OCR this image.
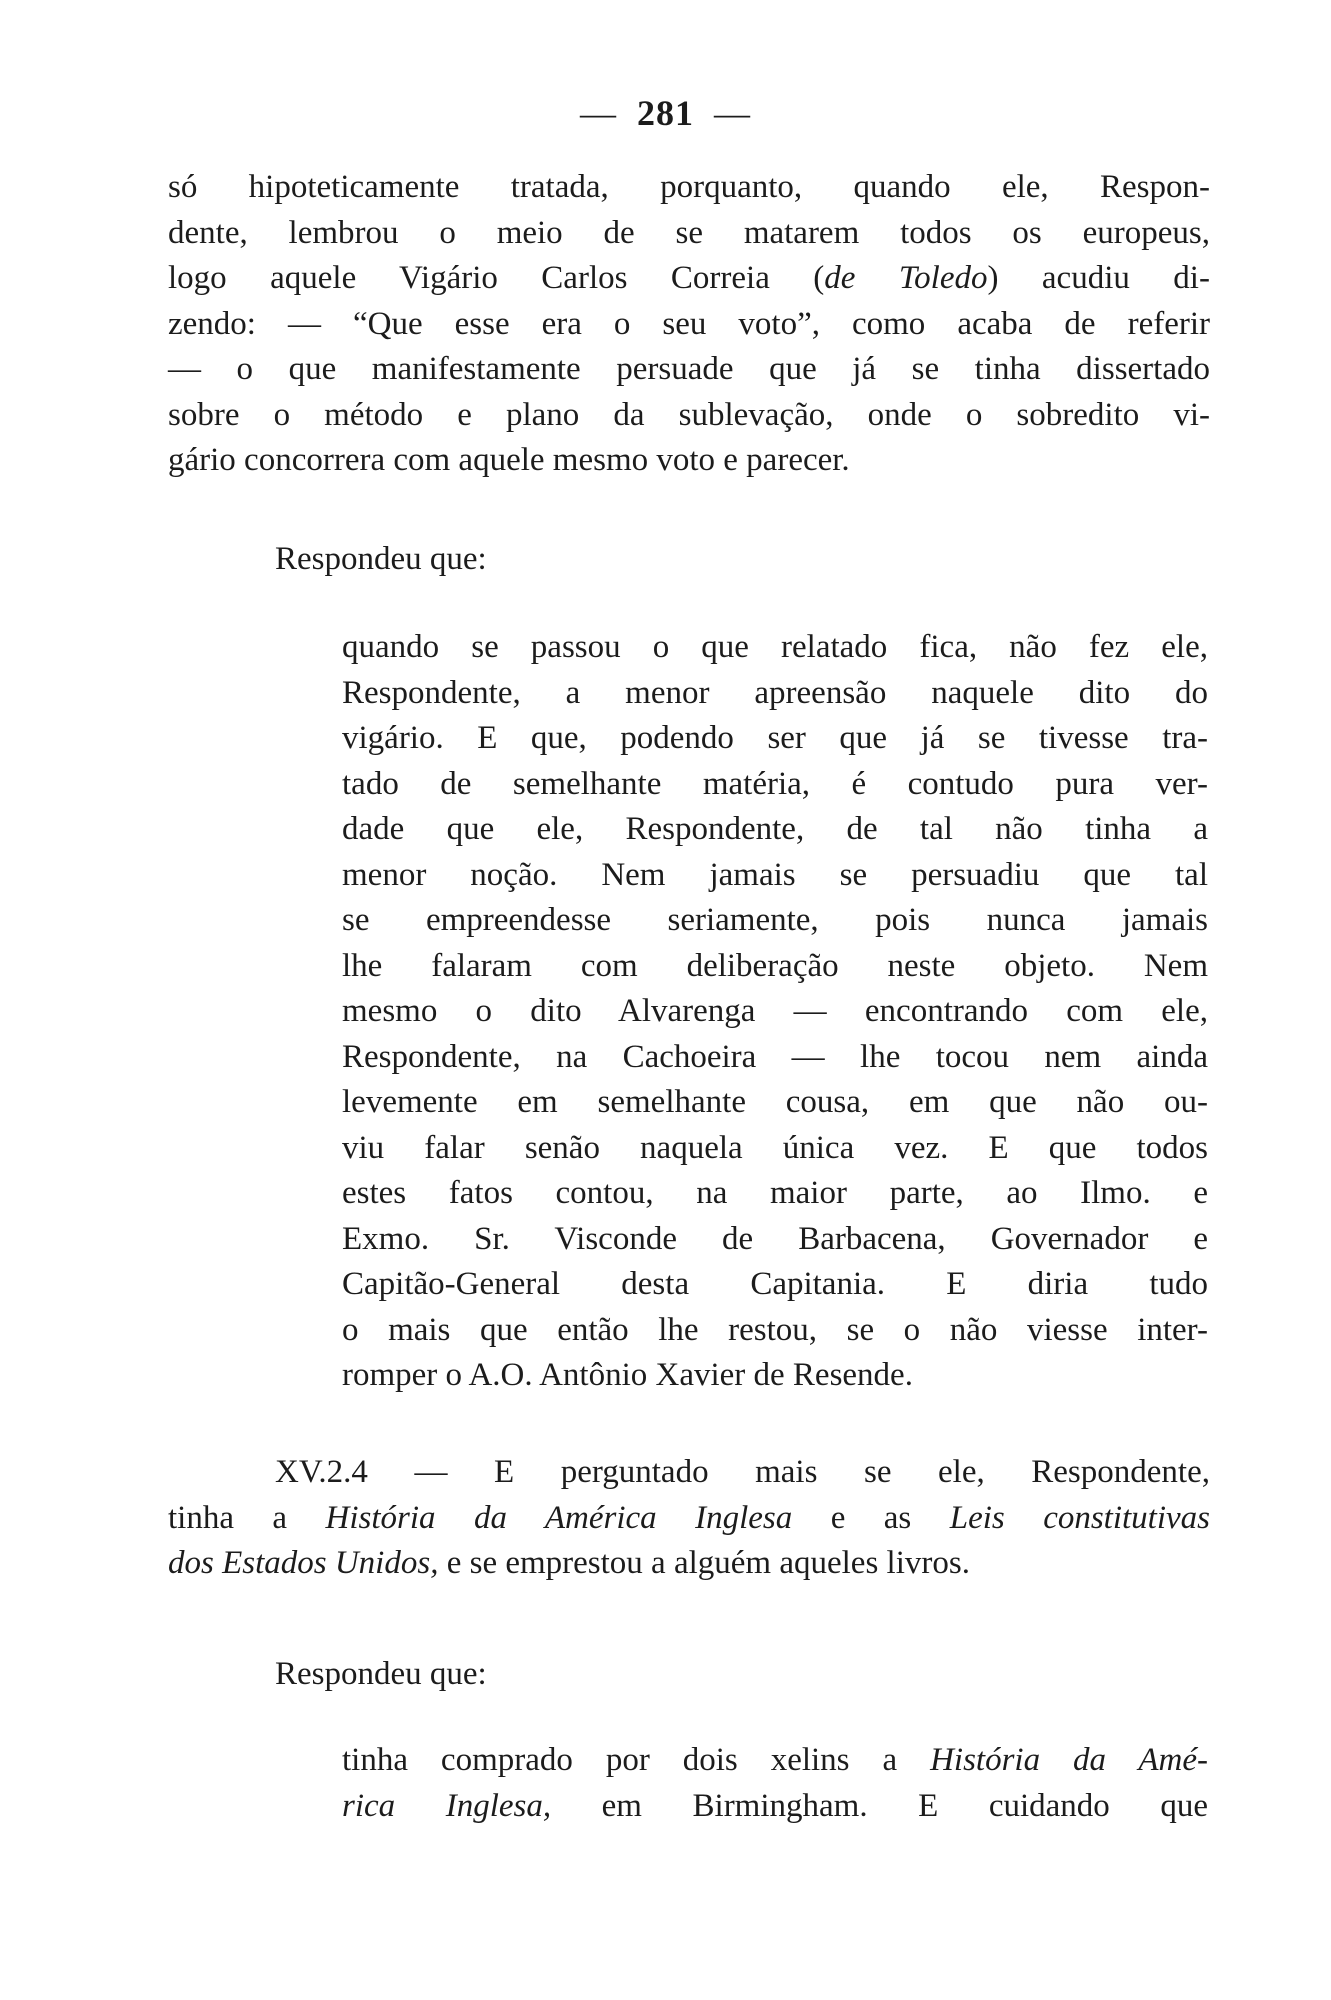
— 281 —
só hipoteticamente tratada, porquanto, quando ele, Respon-
dente, lembrou o meio de se matarem todos os europeus,
logo aquele Vigário Carlos Correia (de Toledo) acudiu di-
zendo: — “Que esse era o seu voto”, como acaba de referir
— o que manifestamente persuade que já se tinha dissertado
sobre o método e plano da sublevação, onde o sobredito vi-
gário concorrera com aquele mesmo voto e parecer.
Respondeu que:
quando se passou o que relatado fica, não fez ele,
Respondente, a menor apreensão naquele dito do
vigário. E que, podendo ser que já se tivesse tra-
tado de semelhante matéria, é contudo pura ver-
dade que ele, Respondente, de tal não tinha a
menor noção. Nem jamais se persuadiu que tal
se empreendesse seriamente, pois nunca jamais
lhe falaram com deliberação neste objeto. Nem
mesmo o dito Alvarenga — encontrando com ele,
Respondente, na Cachoeira — lhe tocou nem ainda
levemente em semelhante cousa, em que não ou-
viu falar senão naquela única vez. E que todos
estes fatos contou, na maior parte, ao Ilmo. e
Exmo. Sr. Visconde de Barbacena, Governador e
Capitão-General desta Capitania. E diria tudo
o mais que então lhe restou, se o não viesse inter-
romper o A.O. Antônio Xavier de Resende.
XV.2.4 — E perguntado mais se ele, Respondente,
tinha a História da América Inglesa e as Leis constitutivas
dos Estados Unidos, e se emprestou a alguém aqueles livros.
Respondeu que:
tinha comprado por dois xelins a História da Amé-
rica Inglesa, em Birmingham. E cuidando que
